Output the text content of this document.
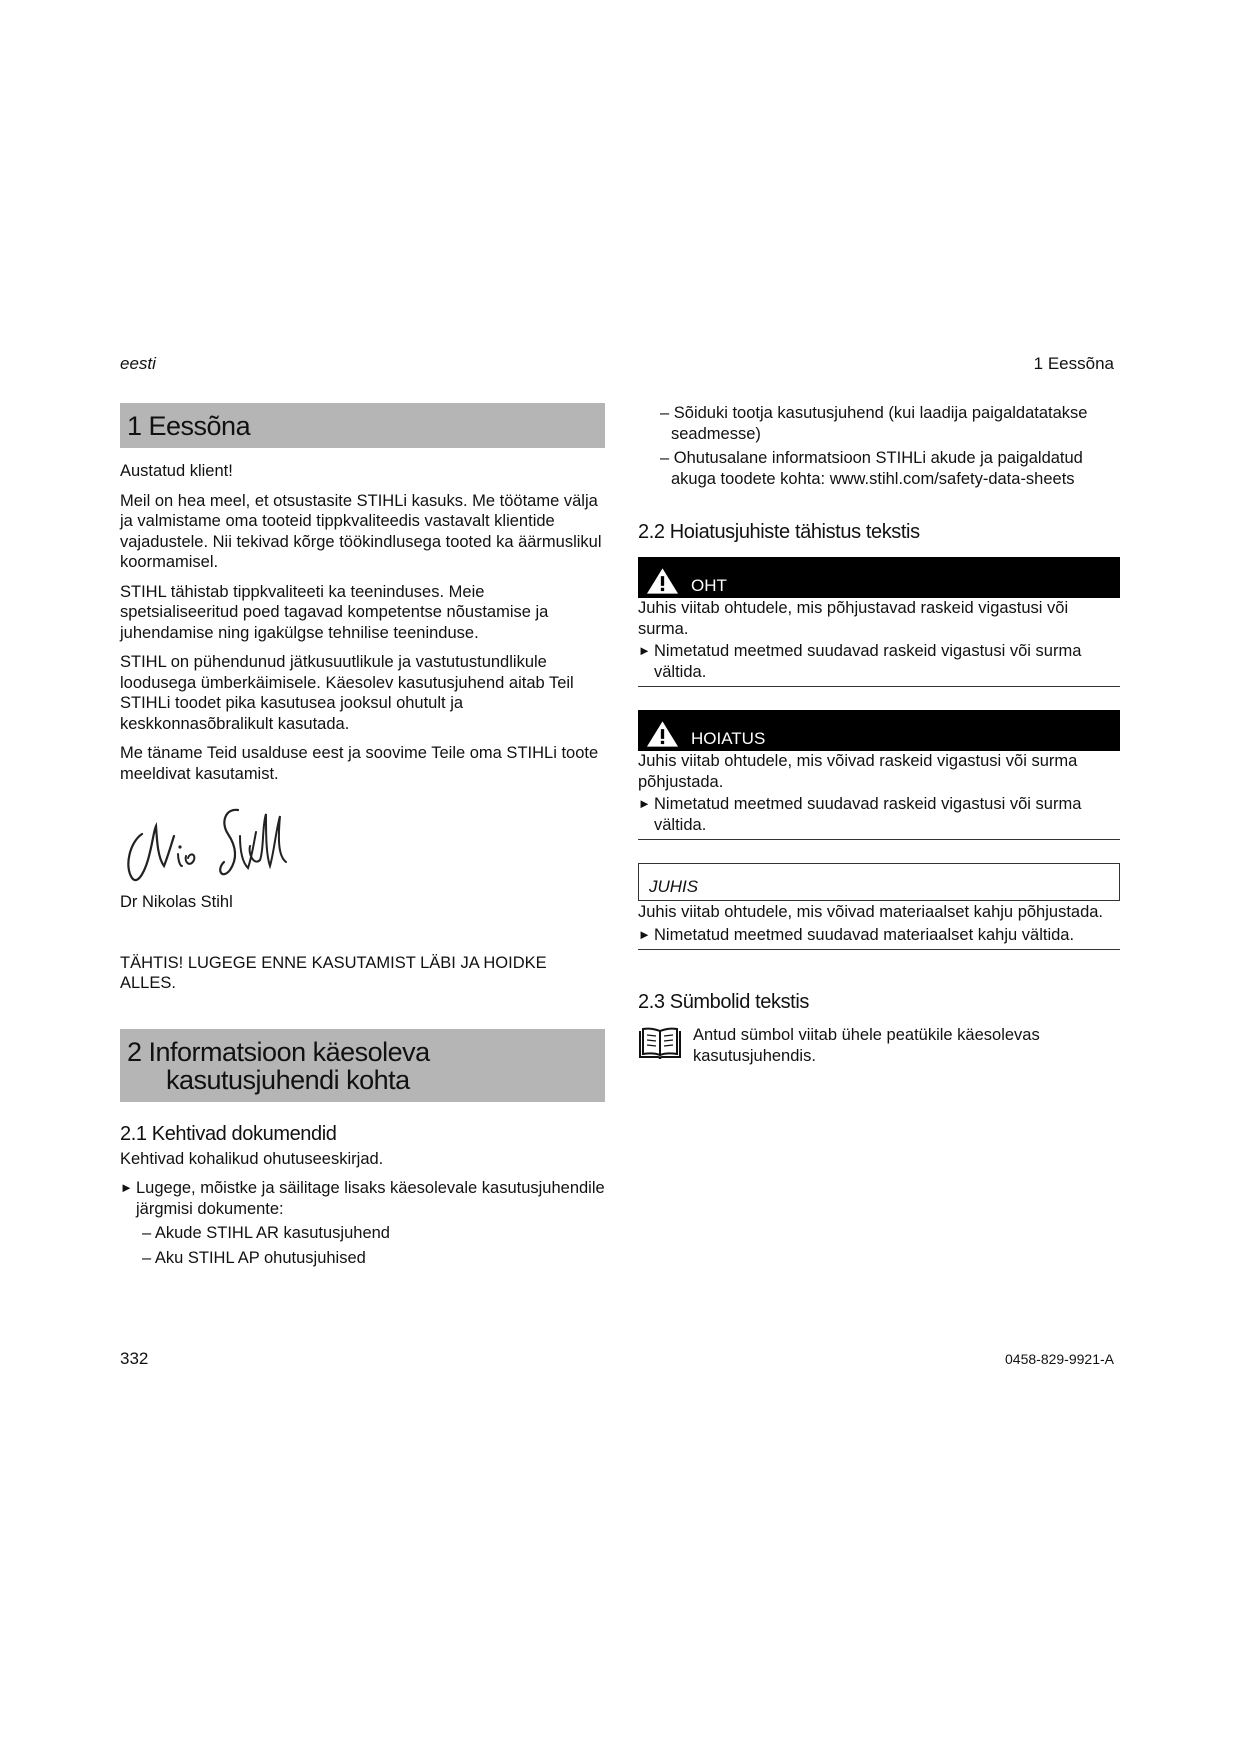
eesti	1 Eessõna
1 Eessõna

Austatud klient!

Meil on hea meel, et otsustasite STIHLi kasuks. Me töötame välja ja valmistame oma tooteid tippkvaliteedis vastavalt klientide vajadustele. Nii tekivad kõrge töökindlusega tooted ka äärmuslikul koormamisel.

STIHL tähistab tippkvaliteeti ka teeninduses. Meie spetsialiseeritud poed tagavad kompetentse nõustamise ja juhendamise ning igakülgse tehnilise teeninduse.

STIHL on pühendunud jätkusuutlikule ja vastutustundlikule loodusega ümberkäimisele. Käesolev kasutusjuhend aitab Teil STIHLi toodet pika kasutusea jooksul ohutult ja keskkonnasõbralikult kasutada.

Me täname Teid usalduse eest ja soovime Teile oma STIHLi toote meeldivat kasutamist.

Dr Nikolas Stihl

TÄHTIS! LUGEGE ENNE KASUTAMIST LÄBI JA HOIDKE ALLES.

2 Informatsioon käesoleva
kasutusjuhendi kohta
2.1 Kehtivad dokumendid

Kehtivad kohalikud ohutuseeskirjad.

► Lugege, mõistke ja säilitage lisaks käesolevale kasutusjuhendile järgmisi dokumente:
– Akude STIHL AR kasutusjuhend
– Aku STIHL AP ohutusjuhised
– Sõiduki tootja kasutusjuhend (kui laadija paigaldatatakse seadmesse)
– Ohutusalane informatsioon STIHLi akude ja paigaldatud akuga toodete kohta: www.stihl.com/safety-data-sheets
2.2 Hoiatusjuhiste tähistus tekstis
OHT
Juhis viitab ohtudele, mis põhjustavad raskeid vigastusi või surma.
► Nimetatud meetmed suudavad raskeid vigastusi või surma vältida.
HOIATUS
Juhis viitab ohtudele, mis võivad raskeid vigastusi või surma põhjustada.
► Nimetatud meetmed suudavad raskeid vigastusi või surma vältida.
JUHIS
Juhis viitab ohtudele, mis võivad materiaalset kahju põhjustada.
► Nimetatud meetmed suudavad materiaalset kahju vältida.
2.3 Sümbolid tekstis
Antud sümbol viitab ühele peatükile käesolevas kasutusjuhendis.
332	0458-829-9921-A
